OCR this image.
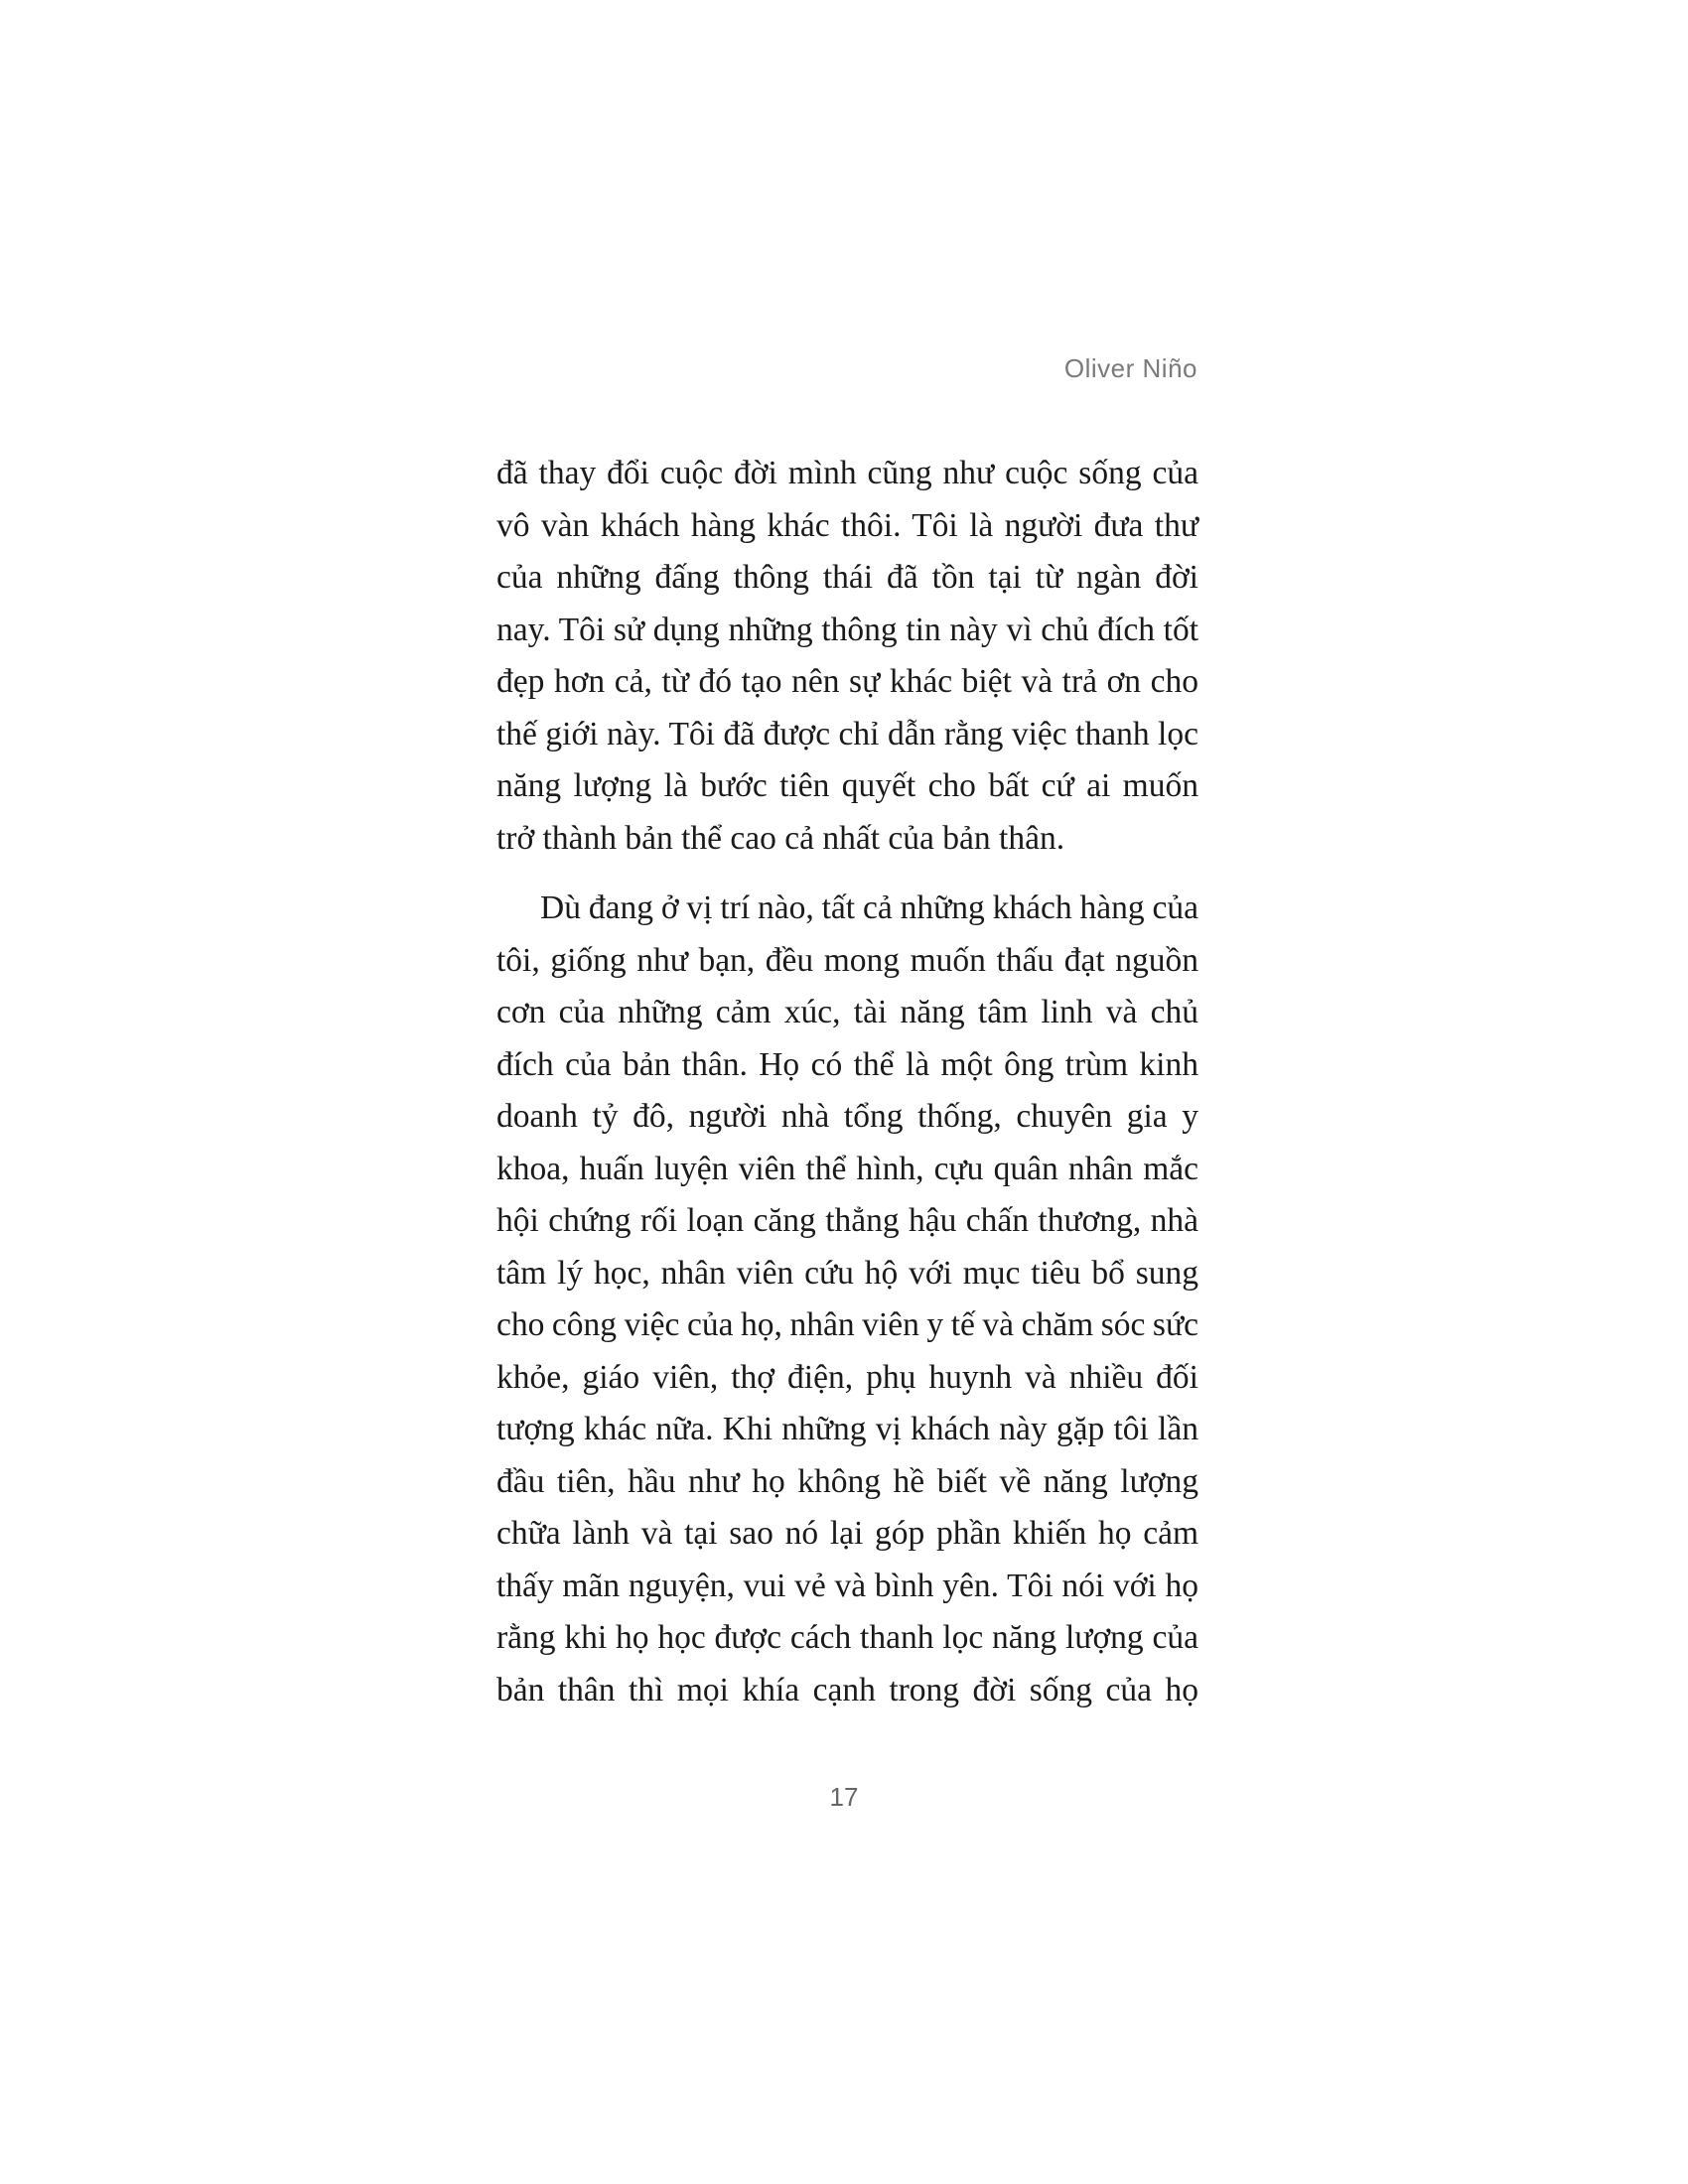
Oliver Niño
đã thay đổi cuộc đời mình cũng như cuộc sống của
vô vàn khách hàng khác thôi. Tôi là người đưa thư
của những đấng thông thái đã tồn tại từ ngàn đời
nay. Tôi sử dụng những thông tin này vì chủ đích tốt
đẹp hơn cả, từ đó tạo nên sự khác biệt và trả ơn cho
thế giới này. Tôi đã được chỉ dẫn rằng việc thanh lọc
năng lượng là bước tiên quyết cho bất cứ ai muốn
trở thành bản thể cao cả nhất của bản thân.
Dù đang ở vị trí nào, tất cả những khách hàng của
tôi, giống như bạn, đều mong muốn thấu đạt nguồn
cơn của những cảm xúc, tài năng tâm linh và chủ
đích của bản thân. Họ có thể là một ông trùm kinh
doanh tỷ đô, người nhà tổng thống, chuyên gia y
khoa, huấn luyện viên thể hình, cựu quân nhân mắc
hội chứng rối loạn căng thẳng hậu chấn thương, nhà
tâm lý học, nhân viên cứu hộ với mục tiêu bổ sung
cho công việc của họ, nhân viên y tế và chăm sóc sức
khỏe, giáo viên, thợ điện, phụ huynh và nhiều đối
tượng khác nữa. Khi những vị khách này gặp tôi lần
đầu tiên, hầu như họ không hề biết về năng lượng
chữa lành và tại sao nó lại góp phần khiến họ cảm
thấy mãn nguyện, vui vẻ và bình yên. Tôi nói với họ
rằng khi họ học được cách thanh lọc năng lượng của
bản thân thì mọi khía cạnh trong đời sống của họ
17
